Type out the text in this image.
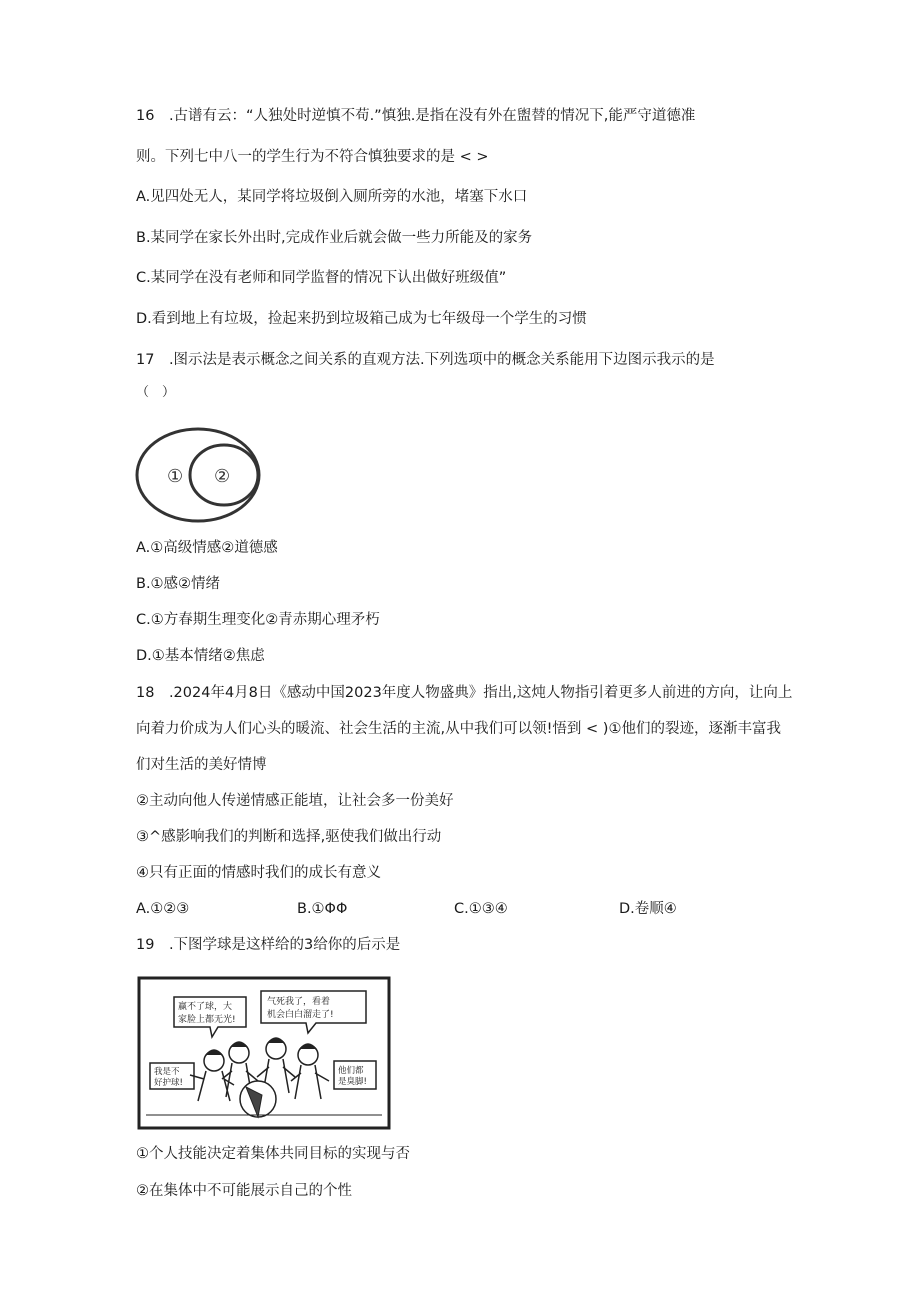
16　.古谱有云：“人独处时逆慎不苟.”慎独.是指在没有外在盥替的情况下,能严守道德准
则。下列七中八一的学生行为不符合慎独要求的是 < >
A.见四处无人，某同学将垃圾倒入厕所旁的水池，堵塞下水口
B.某同学在家长外出时,完成作业后就会做一些力所能及的家务
C.某同学在没有老师和同学监督的情况下认出做好班级值”
D.看到地上有垃圾，捡起来扔到垃圾箱己成为七年级母一个学生的习惯
17　.图示法是表示概念之间关系的直观方法.下列选项中的概念关系能用下边图示我示的是
（　）
① ②
A.①高级情感②道德感
B.①感②情绪
C.①方春期生理变化②青赤期心理矛朽
D.①基本情绪②焦虑
18　.2024年4月8日《感动中国2023年度人物盛典》指出,这炖人物指引着更多人前进的方向，让向上
向着力价成为人们心头的暖流、社会生活的主流,从中我们可以领!悟到 < )①他们的裂迹，逐渐丰富我
们对生活的美好情博
②主动向他人传递情感正能埴，让社会多一份美好
③^感影响我们的判断和选择,驱使我们做出行动
④只有正面的情感时我们的成长有意义
A.①②③	B.①ΦΦ	C.①③④	D.卷顺④
19　.下图学球是这样给的3给你的后示是
赢不了球，大
家脸上都无光!
气死我了，看着
机会白白溜走了!
我是不
好护球!
他们都
是臭脚!
①个人技能决定着集体共同目标的实现与否
②在集体中不可能展示自己的个性
